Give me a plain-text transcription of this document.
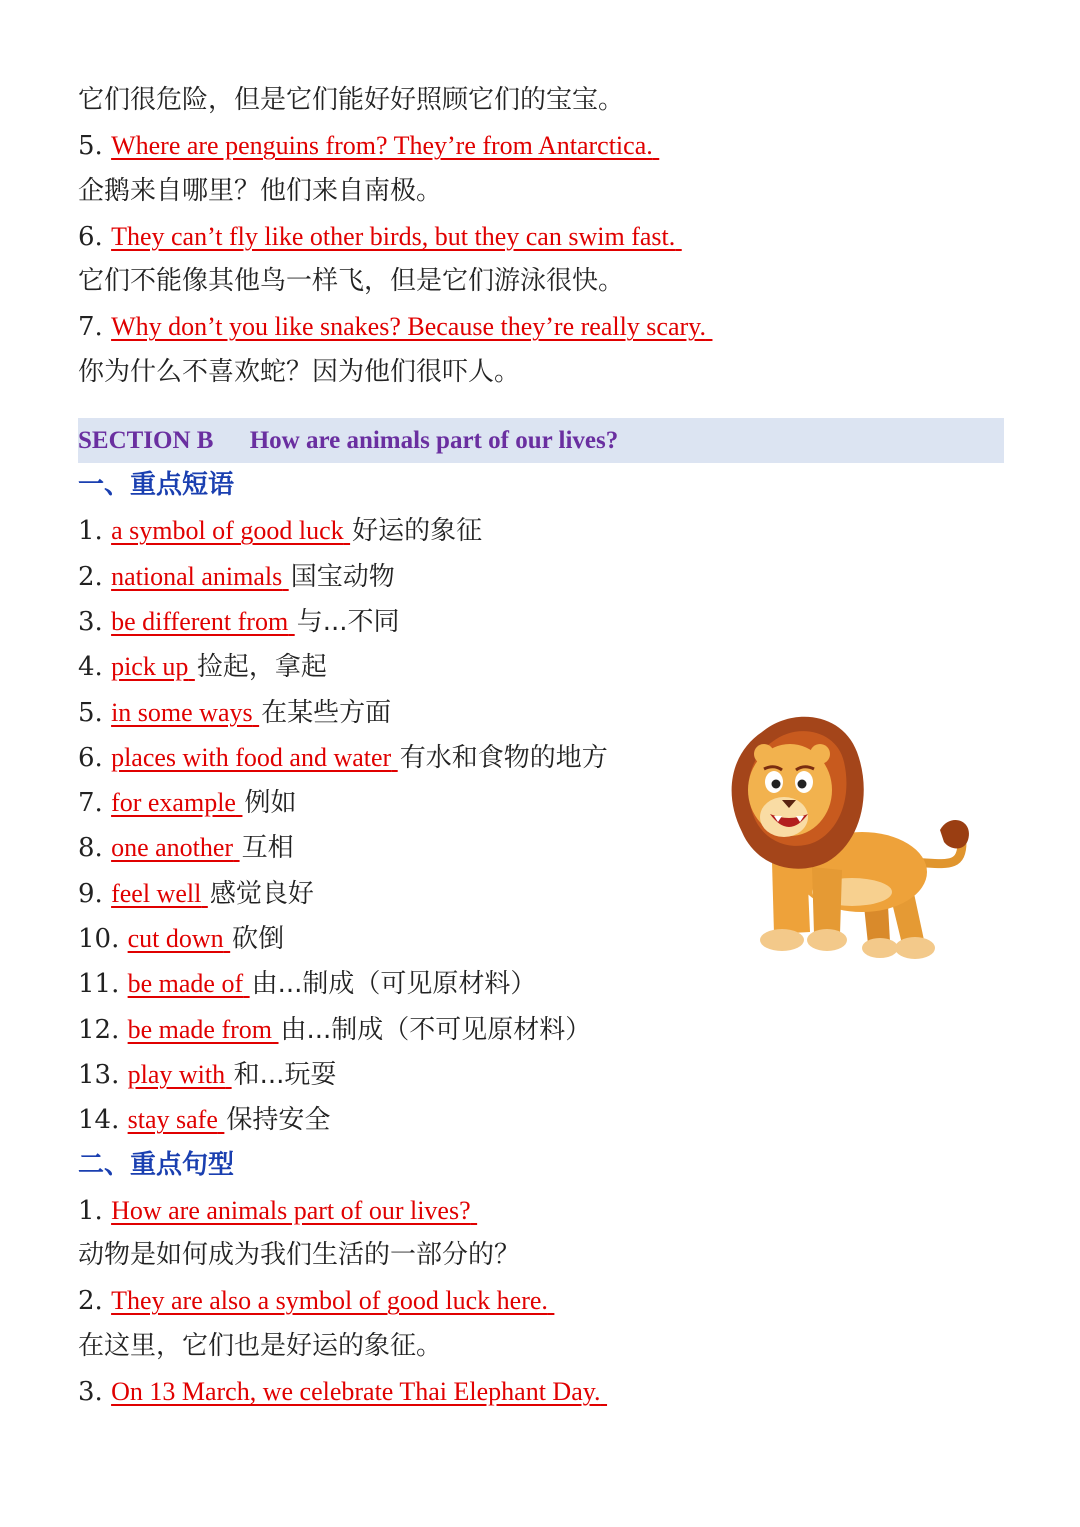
它们很危险，但是它们能好好照顾它们的宝宝。
5. Where are penguins from? They’re from Antarctica.
企鹅来自哪里？他们来自南极。
6. They can’t fly like other birds, but they can swim fast.
它们不能像其他鸟一样飞，但是它们游泳很快。
7. Why don’t you like snakes? Because they’re really scary.
你为什么不喜欢蛇？因为他们很吓人。
SECTION B How are animals part of our lives?
一、重点短语
1. a symbol of good luck 好运的象征
2. national animals 国宝动物
3. be different from 与...不同
4. pick up 捡起，拿起
5. in some ways 在某些方面
6. places with food and water 有水和食物的地方
7. for example 例如
8. one another 互相
9. feel well 感觉良好
10. cut down 砍倒
11. be made of 由...制成（可见原材料）
12. be made from 由...制成（不可见原材料）
13. play with 和...玩耍
14. stay safe 保持安全
二、重点句型
1. How are animals part of our lives?
动物是如何成为我们生活的一部分的？
2. They are also a symbol of good luck here.
在这里，它们也是好运的象征。
3. On 13 March, we celebrate Thai Elephant Day.
